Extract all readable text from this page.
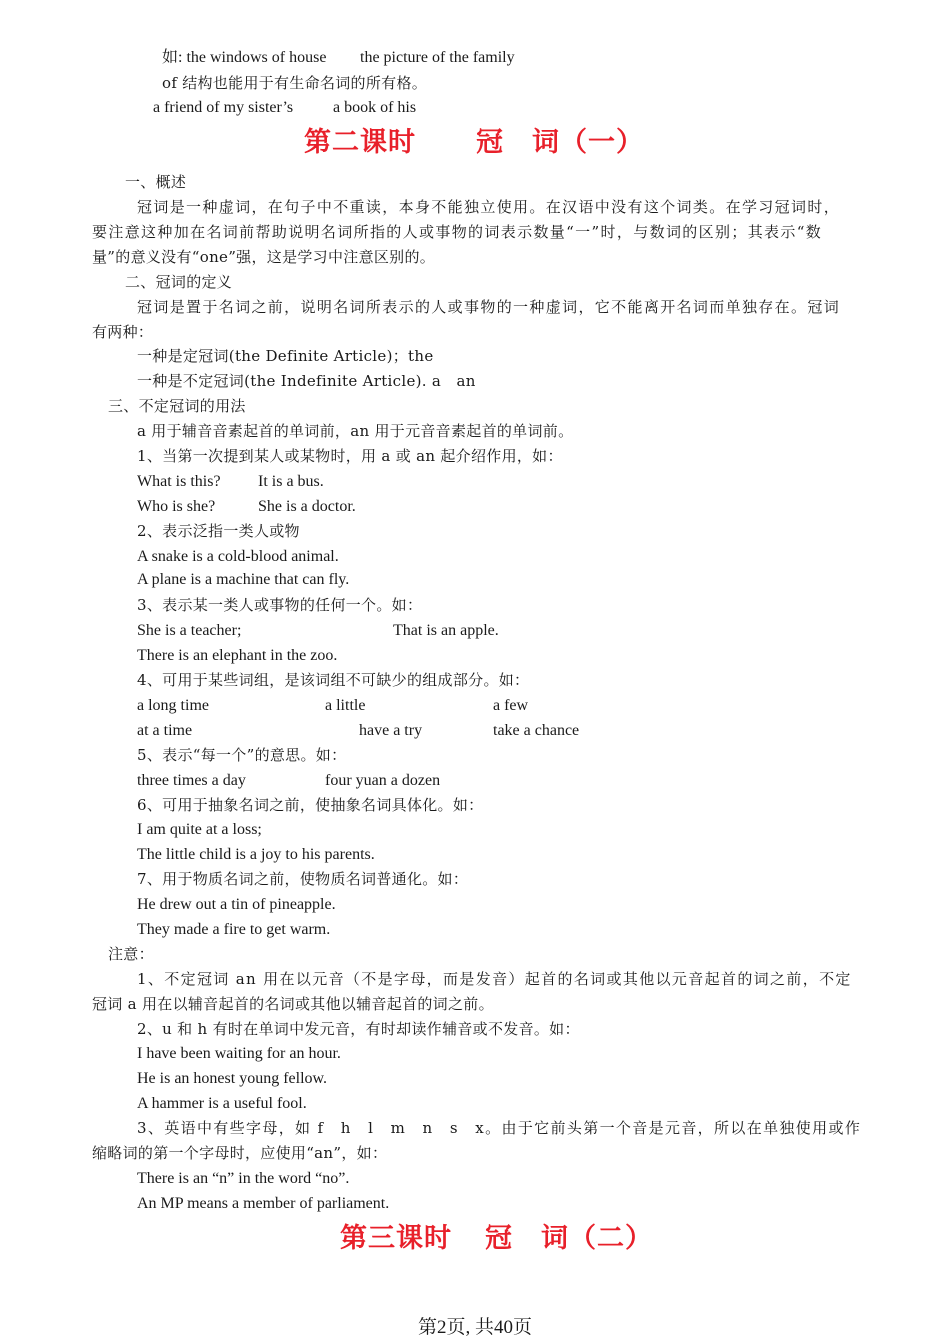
如: the windows of house the picture of the family
of 结构也能用于有生命名词的所有格。
a friend of my sister’s a book of his
第二课时 冠　词（一）
一、概述
冠词是一种虚词，在句子中不重读，本身不能独立使用。在汉语中没有这个词类。在学习冠词时，
要注意这种加在名词前帮助说明名词所指的人或事物的词表示数量“一”时，与数词的区别；其表示“数
量”的意义没有“one”强，这是学习中注意区别的。
二、冠词的定义
冠词是置于名词之前，说明名词所表示的人或事物的一种虚词，它不能离开名词而单独存在。冠词
有两种：
一种是定冠词(the Definite Article)；the
一种是不定冠词(the Indefinite Article). a　an
三、不定冠词的用法
a 用于辅音音素起首的单词前，an 用于元音音素起首的单词前。
1、当第一次提到某人或某物时，用 a 或 an 起介绍作用，如：
What is this? It is a bus.
Who is she?	She is a doctor.
2、表示泛指一类人或物
A snake is a cold-blood animal.
A plane is a machine that can fly.
3、表示某一类人或事物的任何一个。如：
She is a teacher;	That is an apple.
There is an elephant in the zoo.
4、可用于某些词组，是该词组不可缺少的组成部分。如：
a long time	a little	a few
at a time	have a try	take a chance
5、表示“每一个”的意思。如：
three times a day	four yuan a dozen
6、可用于抽象名词之前，使抽象名词具体化。如：
I am quite at a loss;
The little child is a joy to his parents.
7、用于物质名词之前，使物质名词普通化。如：
He drew out a tin of pineapple.
They made a fire to get warm.
注意：
1、不定冠词 an 用在以元音（不是字母，而是发音）起首的名词或其他以元音起首的词之前，不定
冠词 a 用在以辅音起首的名词或其他以辅音起首的词之前。
2、u 和 h 有时在单词中发元音，有时却读作辅音或不发音。如：
I have been waiting for an hour.
He is an honest young fellow.
A hammer is a useful fool.
3、英语中有些字母，如 f　h　l　m　n　s　x。由于它前头第一个音是元音，所以在单独使用或作
缩略词的第一个字母时，应使用“an”，如：
There is an “n” in the word “no”.
An MP means a member of parliament.
第三课时 冠　词（二）
第2页, 共40页
